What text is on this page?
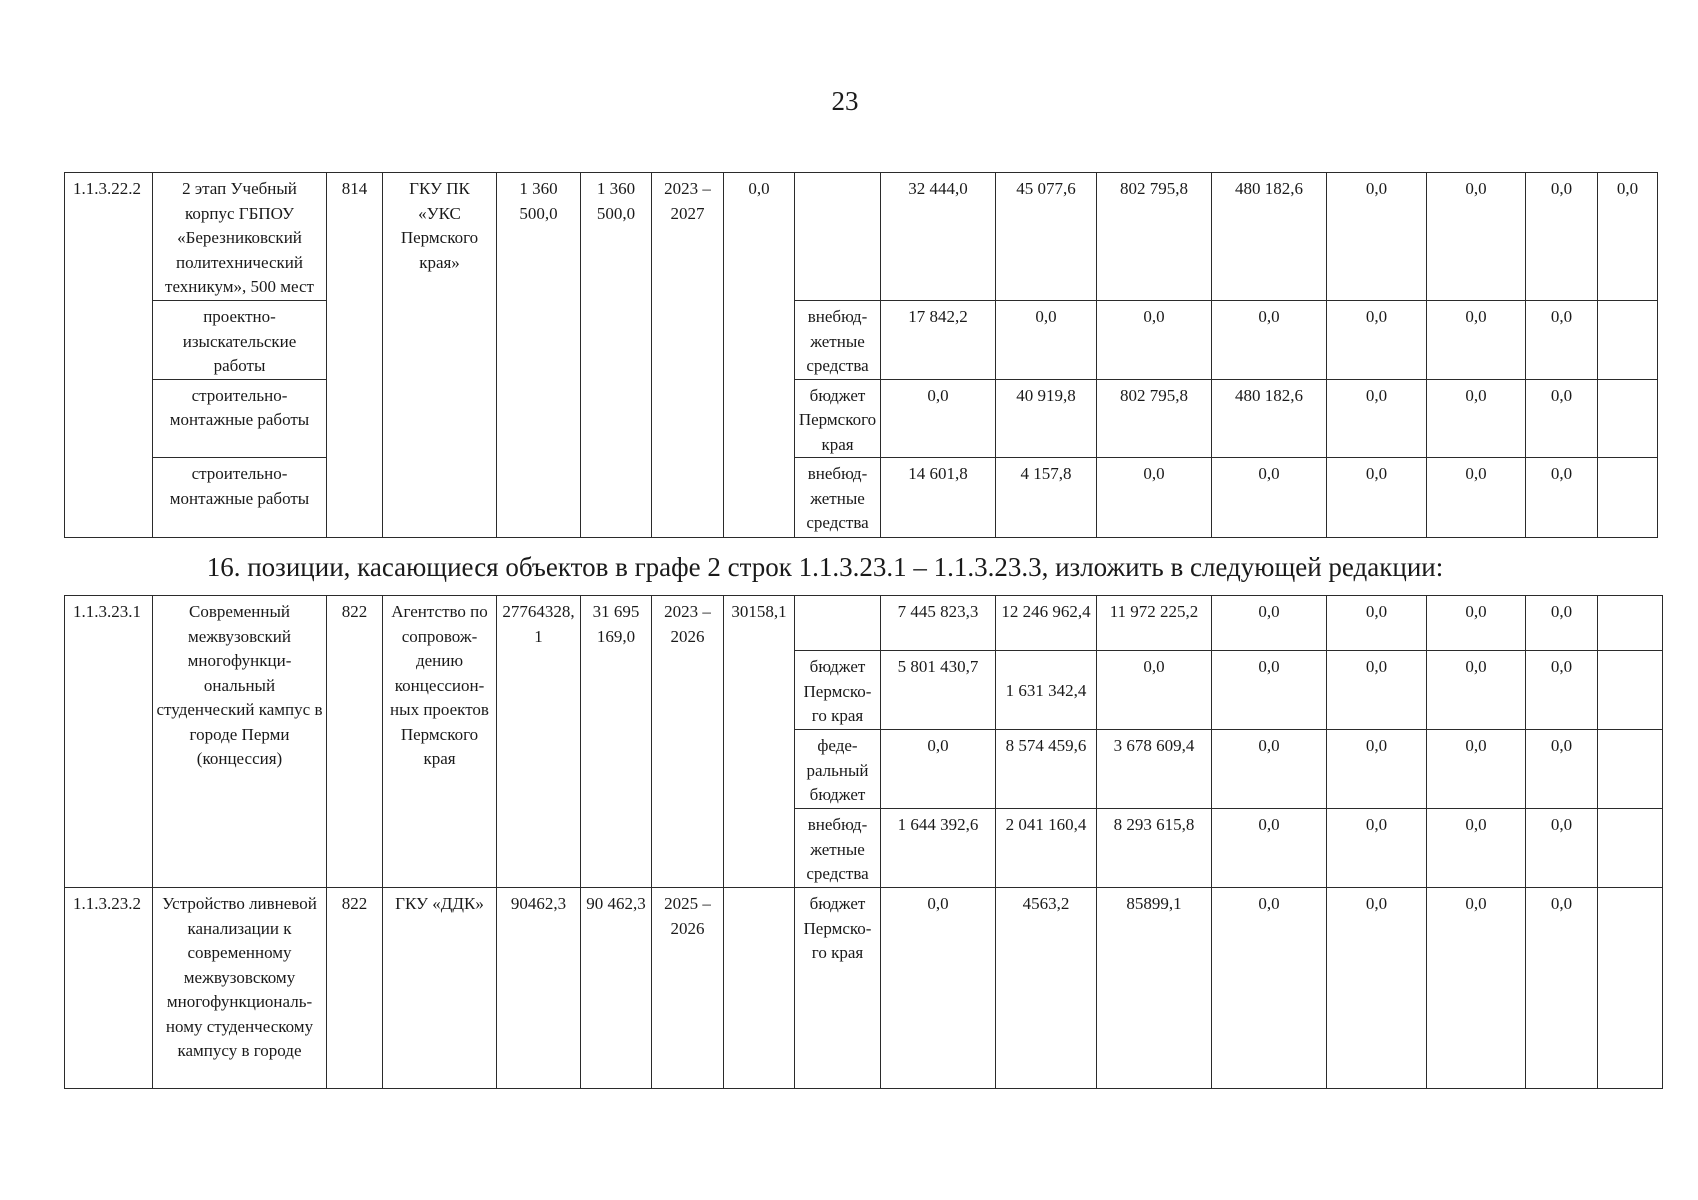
23
1.1.3.22.2	2 этап Учебный корпус ГБПОУ «Березниковский политехнический техникум», 500 мест	814	ГКУ ПК «УКС Пермского края»	1 360 500,0	1 360 500,0	2023 – 2027	0,0		32 444,0	45 077,6	802 795,8	480 182,6	0,0	0,0	0,0	0,0
	проектно-изыскательские работы							внебюд-жетные средства	17 842,2	0,0	0,0	0,0	0,0	0,0	0,0	
	строительно-монтажные работы							бюджет Пермского края	0,0	40 919,8	802 795,8	480 182,6	0,0	0,0	0,0	
	строительно-монтажные работы							внебюд-жетные средства	14 601,8	4 157,8	0,0	0,0	0,0	0,0	0,0	
16. позиции, касающиеся объектов в графе 2 строк 1.1.3.23.1 – 1.1.3.23.3, изложить в следующей редакции:
1.1.3.23.1	Современный межвузовский многофункци-ональный студенческий кампус в городе Перми (концессия)	822	Агентство по сопровож-дению концессион-ных проектов Пермского края	27764328,1	31 695 169,0	2023 – 2026	30158,1		7 445 823,3	12 246 962,4	11 972 225,2	0,0	0,0	0,0	0,0	
								бюджет Пермско-го края	5 801 430,7	1 631 342,4	0,0	0,0	0,0	0,0	0,0	
								феде-ральный бюджет	0,0	8 574 459,6	3 678 609,4	0,0	0,0	0,0	0,0	
								внебюд-жетные средства	1 644 392,6	2 041 160,4	8 293 615,8	0,0	0,0	0,0	0,0	
1.1.3.23.2	Устройство ливневой канализации к современному межвузовскому многофункциональ-ному студенческому кампусу в городе	822	ГКУ «ДДК»	90462,3	90 462,3	2025 – 2026		бюджет Пермско-го края	0,0	4563,2	85899,1	0,0	0,0	0,0	0,0	
